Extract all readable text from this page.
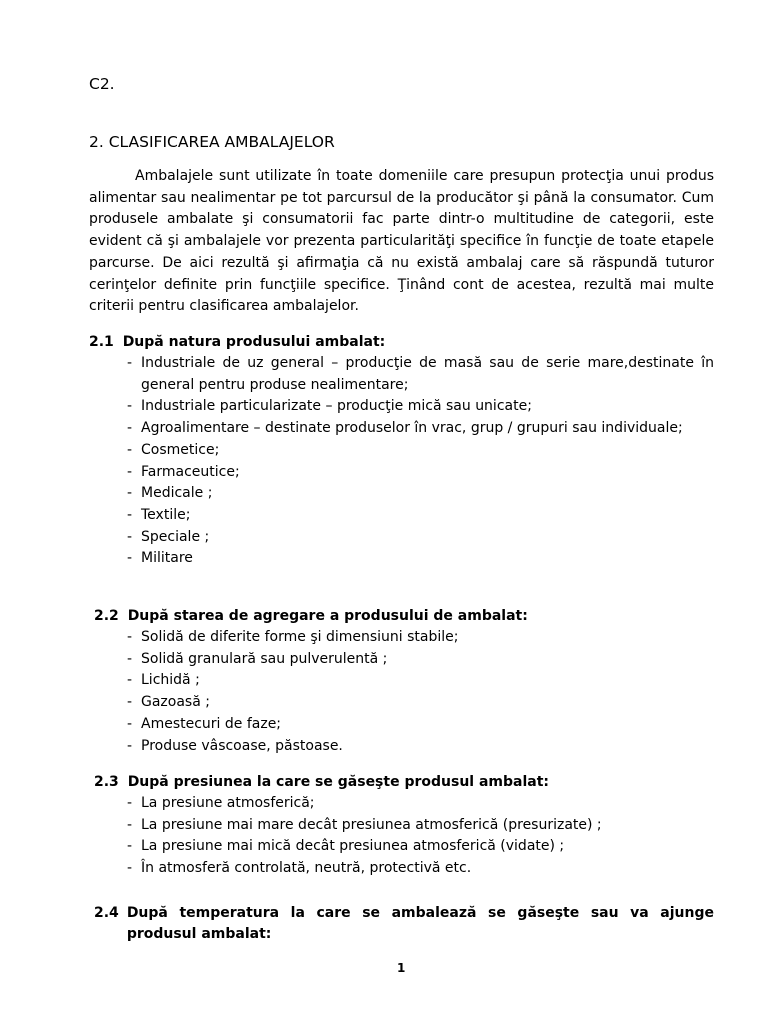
C2.
2. CLASIFICAREA AMBALAJELOR

Ambalajele sunt utilizate în toate domeniile care presupun protecţia unui produs alimentar sau nealimentar pe tot parcursul de la producător şi până la consumator. Cum produsele ambalate şi consumatorii fac parte dintr-o multitudine de categorii, este evident că şi ambalajele vor prezenta particularităţi specifice în funcţie de toate etapele parcurse. De aici rezultă şi afirmaţia că nu există ambalaj care să răspundă tuturor cerinţelor definite prin funcţiile specifice. Ţinând cont de acestea, rezultă mai multe criterii pentru clasificarea ambalajelor.

2.1 După natura produsului ambalat:
- Industriale de uz general – producţie de masă sau de serie mare,destinate în general pentru produse nealimentare;
- Industriale particularizate – producţie mică sau unicate;
- Agroalimentare – destinate produselor în vrac, grup / grupuri sau individuale;
- Cosmetice;
- Farmaceutice;
- Medicale ;
- Textile;
- Speciale ;
- Militare
2.2 După starea de agregare a produsului de ambalat:
- Solidă de diferite forme şi dimensiuni stabile;
- Solidă granulară sau pulverulentă ;
- Lichidă ;
- Gazoasă ;
- Amestecuri de faze;
- Produse vâscoase, păstoase.
2.3 După presiunea la care se găseşte produsul ambalat:
- La presiune atmosferică;
- La presiune mai mare decât presiunea atmosferică (presurizate) ;
- La presiune mai mică decât presiunea atmosferică (vidate) ;
- În atmosferă controlată, neutră, protectivă etc.
2.4 După temperatura la care se ambalează se găseşte sau va ajunge produsul ambalat:
1
